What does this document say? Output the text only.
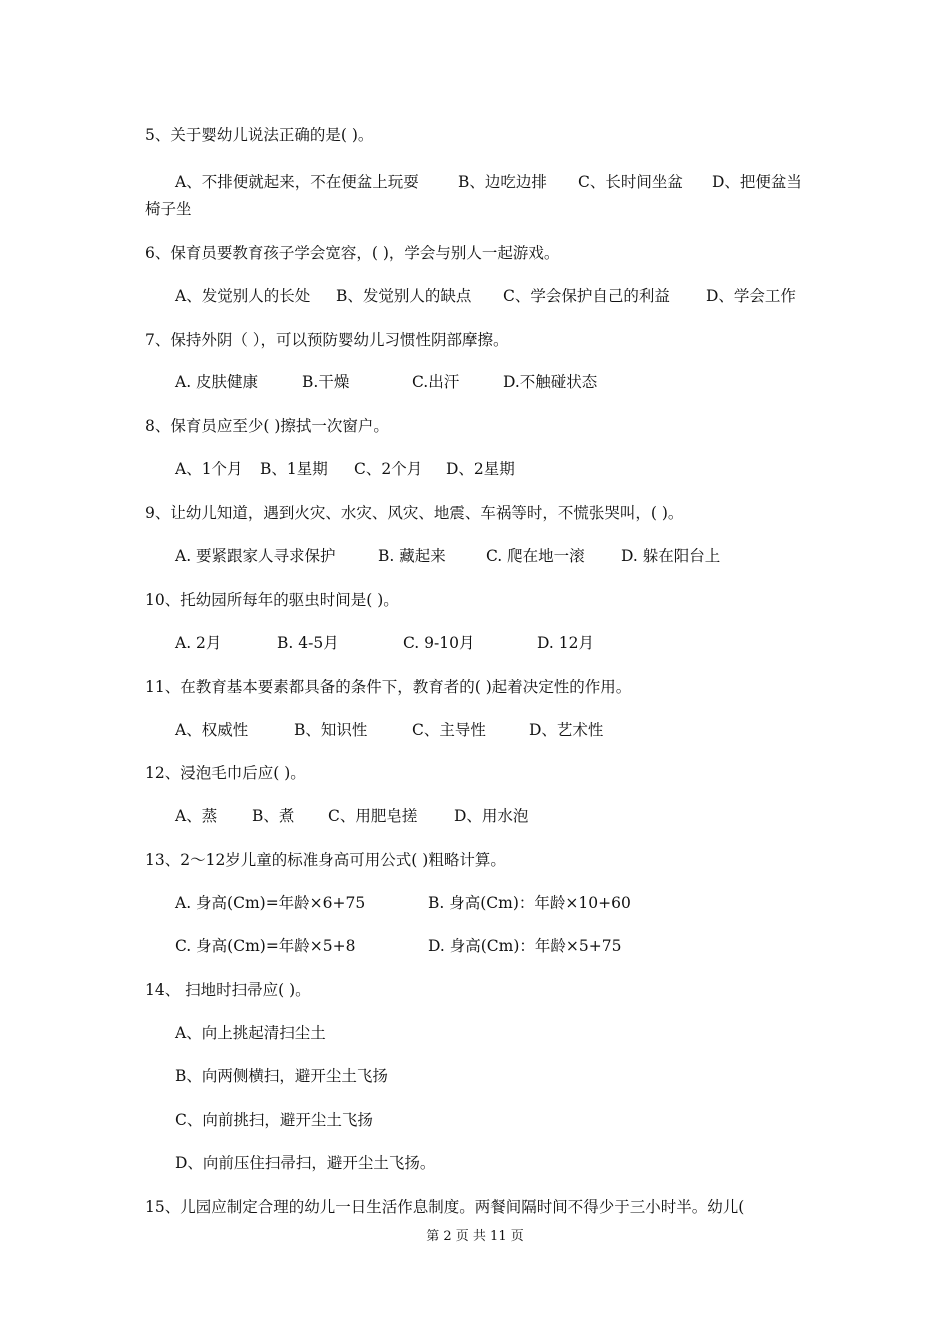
5、关于婴幼儿说法正确的是( )。
A、不排便就起来，不在便盆上玩耍	B、边吃边排 C、长时间坐盆 D、把便盆当
椅子坐
6、保育员要教育孩子学会宽容，( )，学会与别人一起游戏。
A、发觉别人的长处 B、发觉别人的缺点 C、学会保护自己的利益 D、学会工作
7、保持外阴（ ），可以预防婴幼儿习惯性阴部摩擦。
A. 皮肤健康	B.干燥	C.出汗	D.不触碰状态
8、保育员应至少( )擦拭一次窗户。
A、1个月 B、1星期 C、2个月 D、2星期
9、让幼儿知道，遇到火灾、水灾、风灾、地震、车祸等时，不慌张哭叫，( )。
A. 要紧跟家人寻求保护	B. 藏起来	C. 爬在地一滚 D. 躲在阳台上
10、托幼园所每年的驱虫时间是( )。
A. 2月	B. 4-5月	C. 9-10月	D. 12月
11、在教育基本要素都具备的条件下，教育者的( )起着决定性的作用。
A、权威性	B、知识性	C、主导性	D、艺术性
12、浸泡毛巾后应( )。
A、蒸 B、煮 C、用肥皂搓 D、用水泡
13、2～12岁儿童的标准身高可用公式( )粗略计算。
A. 身高(Cm)=年龄×6+75	B. 身高(Cm)：年龄×10+60
C. 身高(Cm)=年龄×5+8	D. 身高(Cm)：年龄×5+75
14、 扫地时扫帚应( )。
A、向上挑起清扫尘土
B、向两侧横扫，避开尘土飞扬
C、向前挑扫，避开尘土飞扬
D、向前压住扫帚扫，避开尘土飞扬。
15、儿园应制定合理的幼儿一日生活作息制度。两餐间隔时间不得少于三小时半。幼儿(
第 2 页 共 11 页
